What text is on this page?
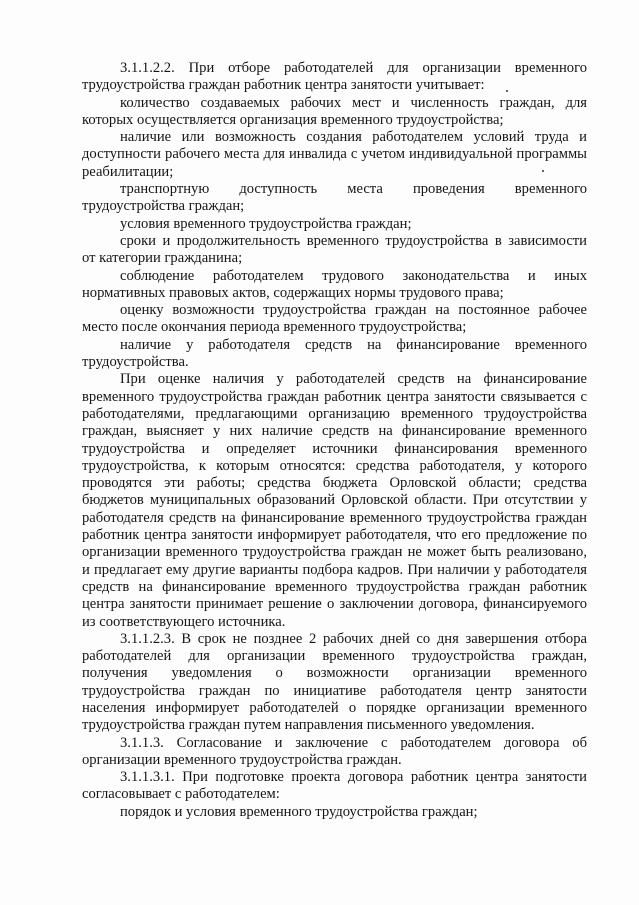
3.1.1.2.2. При отборе работодателей для организации временного трудоустройства граждан работник центра занятости учитывает:

количество создаваемых рабочих мест и численность граждан, для которых осуществляется организация временного трудоустройства;

наличие или возможность создания работодателем условий труда и доступности рабочего места для инвалида с учетом индивидуальной программы реабилитации;

транспортную доступность места проведения временного трудоустройства граждан;

условия временного трудоустройства граждан;

сроки и продолжительность временного трудоустройства в зависимости от категории гражданина;

соблюдение работодателем трудового законодательства и иных нормативных правовых актов, содержащих нормы трудового права;

оценку возможности трудоустройства граждан на постоянное рабочее место после окончания периода временного трудоустройства;

наличие у работодателя средств на финансирование временного трудоустройства.

При оценке наличия у работодателей средств на финансирование временного трудоустройства граждан работник центра занятости связывается с работодателями, предлагающими организацию временного трудоустройства граждан, выясняет у них наличие средств на финансирование временного трудоустройства и определяет источники финансирования временного трудоустройства, к которым относятся: средства работодателя, у которого проводятся эти работы; средства бюджета Орловской области; средства бюджетов муниципальных образований Орловской области. При отсутствии у работодателя средств на финансирование временного трудоустройства граждан работник центра занятости информирует работодателя, что его предложение по организации временного трудоустройства граждан не может быть реализовано, и предлагает ему другие варианты подбора кадров. При наличии у работодателя средств на финансирование временного трудоустройства граждан работник центра занятости принимает решение о заключении договора, финансируемого из соответствующего источника.

3.1.1.2.3. В срок не позднее 2 рабочих дней со дня завершения отбора работодателей для организации временного трудоустройства граждан, получения уведомления о возможности организации временного трудоустройства граждан по инициативе работодателя центр занятости населения информирует работодателей о порядке организации временного трудоустройства граждан путем направления письменного уведомления.

3.1.1.3. Согласование и заключение с работодателем договора об организации временного трудоустройства граждан.

3.1.1.3.1. При подготовке проекта договора работник центра занятости согласовывает с работодателем:

порядок и условия временного трудоустройства граждан;
